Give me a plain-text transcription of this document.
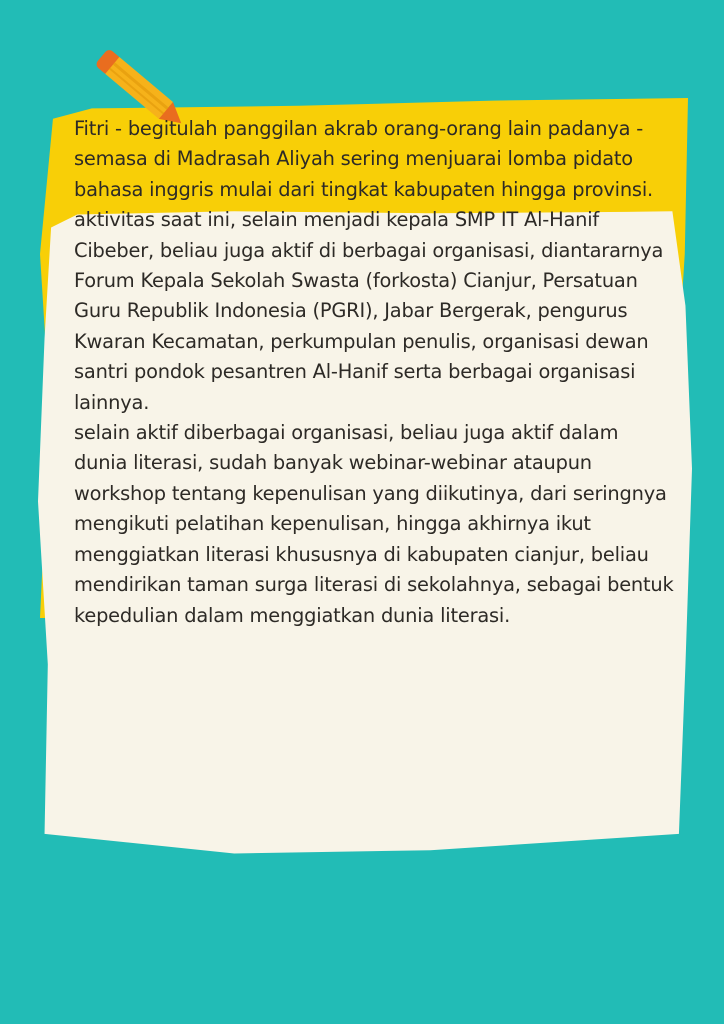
Fitri - begitulah panggilan akrab orang-orang lain padanya - semasa di Madrasah Aliyah sering menjuarai lomba pidato bahasa inggris mulai dari tingkat kabupaten hingga provinsi.

aktivitas saat ini, selain menjadi kepala SMP IT Al-Hanif Cibeber, beliau juga aktif di berbagai organisasi, diantararnya Forum Kepala Sekolah Swasta (forkosta) Cianjur, Persatuan Guru Republik Indonesia (PGRI), Jabar Bergerak, pengurus Kwaran Kecamatan, perkumpulan penulis, organisasi dewan santri pondok pesantren Al-Hanif serta berbagai organisasi lainnya.

selain aktif diberbagai organisasi, beliau juga aktif dalam dunia literasi, sudah banyak webinar-webinar ataupun workshop tentang kepenulisan yang diikutinya, dari seringnya mengikuti pelatihan kepenulisan, hingga akhirnya ikut menggiatkan literasi khususnya di kabupaten cianjur, beliau mendirikan taman surga literasi di sekolahnya, sebagai bentuk kepedulian dalam menggiatkan dunia literasi.
